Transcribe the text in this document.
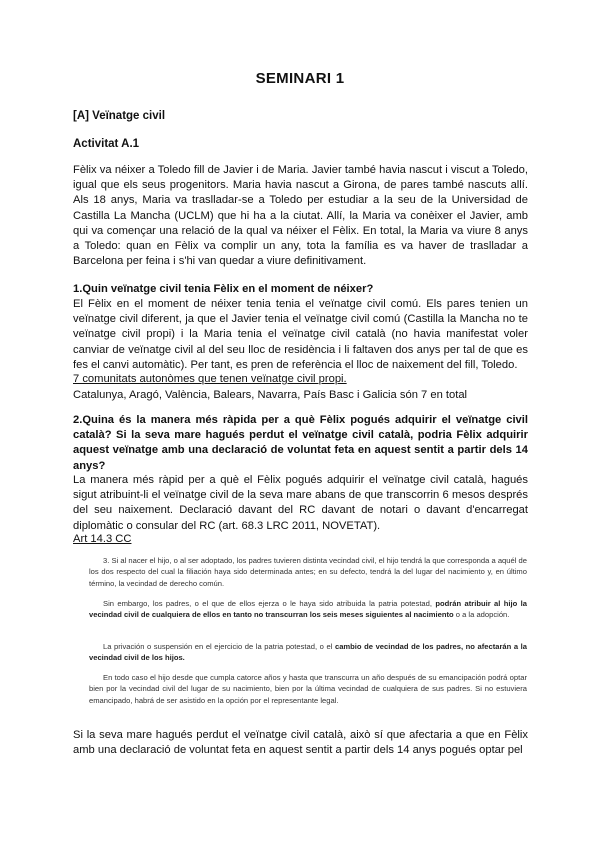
SEMINARI 1
[A] Veïnatge civil
Activitat A.1

Fèlix va néixer a Toledo fill de Javier i de Maria. Javier també havia nascut i viscut a Toledo, igual que els seus progenitors. Maria havia nascut a Girona, de pares també nascuts allí. Als 18 anys, Maria va traslladar-se a Toledo per estudiar a la seu de la Universidad de Castilla La Mancha (UCLM) que hi ha a la ciutat. Allí, la Maria va conèixer el Javier, amb qui va començar una relació de la qual va néixer el Fèlix. En total, la Maria va viure 8 anys a Toledo: quan en Fèlix va complir un any, tota la família es va haver de traslladar a Barcelona per feina i s'hi van quedar a viure definitivament.

1.Quin veïnatge civil tenia Fèlix en el moment de néixer?

El Fèlix en el moment de néixer tenia tenia el veïnatge civil comú. Els pares tenien un veïnatge civil diferent, ja que el Javier tenia el veïnatge civil comú (Castilla la Mancha no te veïnatge civil propi) i la Maria tenia el veïnatge civil català (no havia manifestat voler canviar de veïnatge civil al del seu lloc de residència i li faltaven dos anys per tal de que es fes el canvi automàtic). Per tant, es pren de referència el lloc de naixement del fill, Toledo.

7 comunitats autonòmes que tenen veïnatge civil propi.
Catalunya, Aragó, València, Balears, Navarra, País Basc i Galicia són 7 en total

2.Quina és la manera més ràpida per a què Fèlix pogués adquirir el veïnatge civil català? Si la seva mare hagués perdut el veïnatge civil català, podria Fèlix adquirir aquest veïnatge amb una declaració de voluntat feta en aquest sentit a partir dels 14 anys?

La manera més ràpid per a què el Fèlix pogués adquirir el veïnatge civil català, hagués sigut atribuint-li el veïnatge civil de la seva mare abans de que transcorrin 6 mesos després del seu naixement. Declaració davant del RC davant de notari o davant d'encarregat diplomàtic o consular del RC (art. 68.3 LRC 2011, NOVETAT).

Art 14.3 CC

3. Si al nacer el hijo, o al ser adoptado, los padres tuvieren distinta vecindad civil, el hijo tendrá la que corresponda a aquél de los dos respecto del cual la filiación haya sido determinada antes; en su defecto, tendrá la del lugar del nacimiento y, en último término, la vecindad de derecho común.

Sin embargo, los padres, o el que de ellos ejerza o le haya sido atribuida la patria potestad, podrán atribuir al hijo la vecindad civil de cualquiera de ellos en tanto no transcurran los seis meses siguientes al nacimiento o a la adopción.

La privación o suspensión en el ejercicio de la patria potestad, o el cambio de vecindad de los padres, no afectarán a la vecindad civil de los hijos.

En todo caso el hijo desde que cumpla catorce años y hasta que transcurra un año después de su emancipación podrá optar bien por la vecindad civil del lugar de su nacimiento, bien por la última vecindad de cualquiera de sus padres. Si no estuviera emancipado, habrá de ser asistido en la opción por el representante legal.

Si la seva mare hagués perdut el veïnatge civil català, això sí que afectaria a que en Fèlix amb una declaració de voluntat feta en aquest sentit a partir dels 14 anys pogués optar pel
